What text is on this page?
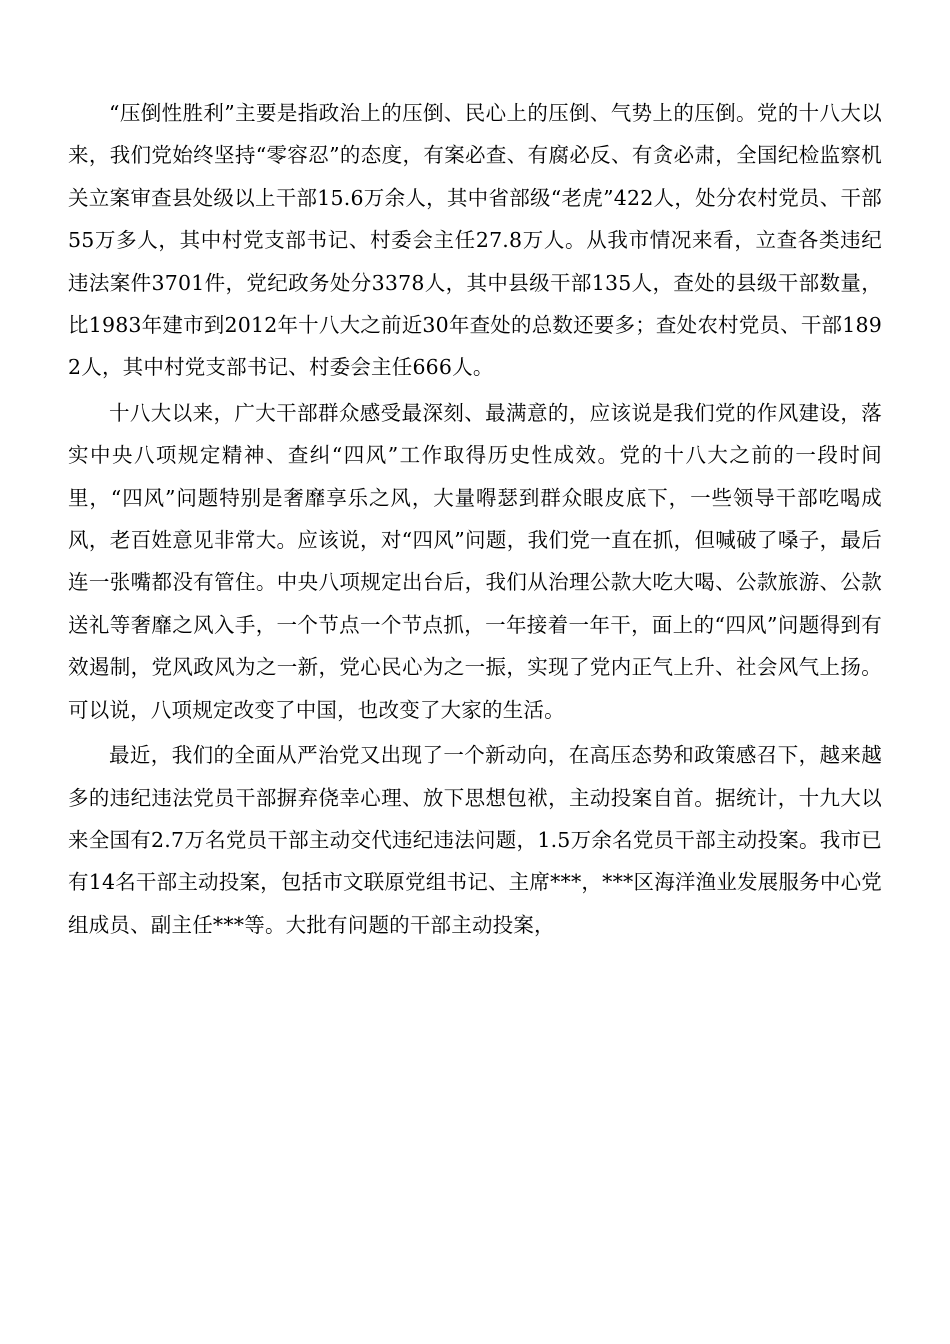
“压倒性胜利”主要是指政治上的压倒、民心上的压倒、气势上的压倒。党的十八大以来，我们党始终坚持“零容忍”的态度，有案必查、有腐必反、有贪必肃，全国纪检监察机关立案审查县处级以上干部15.6万余人，其中省部级“老虎”422人，处分农村党员、干部55万多人，其中村党支部书记、村委会主任27.8万人。从我市情况来看，立查各类违纪违法案件3701件，党纪政务处分3378人，其中县级干部135人，查处的县级干部数量，比1983年建市到2012年十八大之前近30年查处的总数还要多；查处农村党员、干部1892人，其中村党支部书记、村委会主任666人。

十八大以来，广大干部群众感受最深刻、最满意的，应该说是我们党的作风建设，落实中央八项规定精神、查纠“四风”工作取得历史性成效。党的十八大之前的一段时间里，“四风”问题特别是奢靡享乐之风，大量嘚瑟到群众眼皮底下，一些领导干部吃喝成风，老百姓意见非常大。应该说，对“四风”问题，我们党一直在抓，但喊破了嗓子，最后连一张嘴都没有管住。中央八项规定出台后，我们从治理公款大吃大喝、公款旅游、公款送礼等奢靡之风入手，一个节点一个节点抓，一年接着一年干，面上的“四风”问题得到有效遏制，党风政风为之一新，党心民心为之一振，实现了党内正气上升、社会风气上扬。可以说，八项规定改变了中国，也改变了大家的生活。

最近，我们的全面从严治党又出现了一个新动向，在高压态势和政策感召下，越来越多的违纪违法党员干部摒弃侥幸心理、放下思想包袱，主动投案自首。据统计，十九大以来全国有2.7万名党员干部主动交代违纪违法问题，1.5万余名党员干部主动投案。我市已有14名干部主动投案，包括市文联原党组书记、主席***，***区海洋渔业发展服务中心党组成员、副主任***等。大批有问题的干部主动投案，
